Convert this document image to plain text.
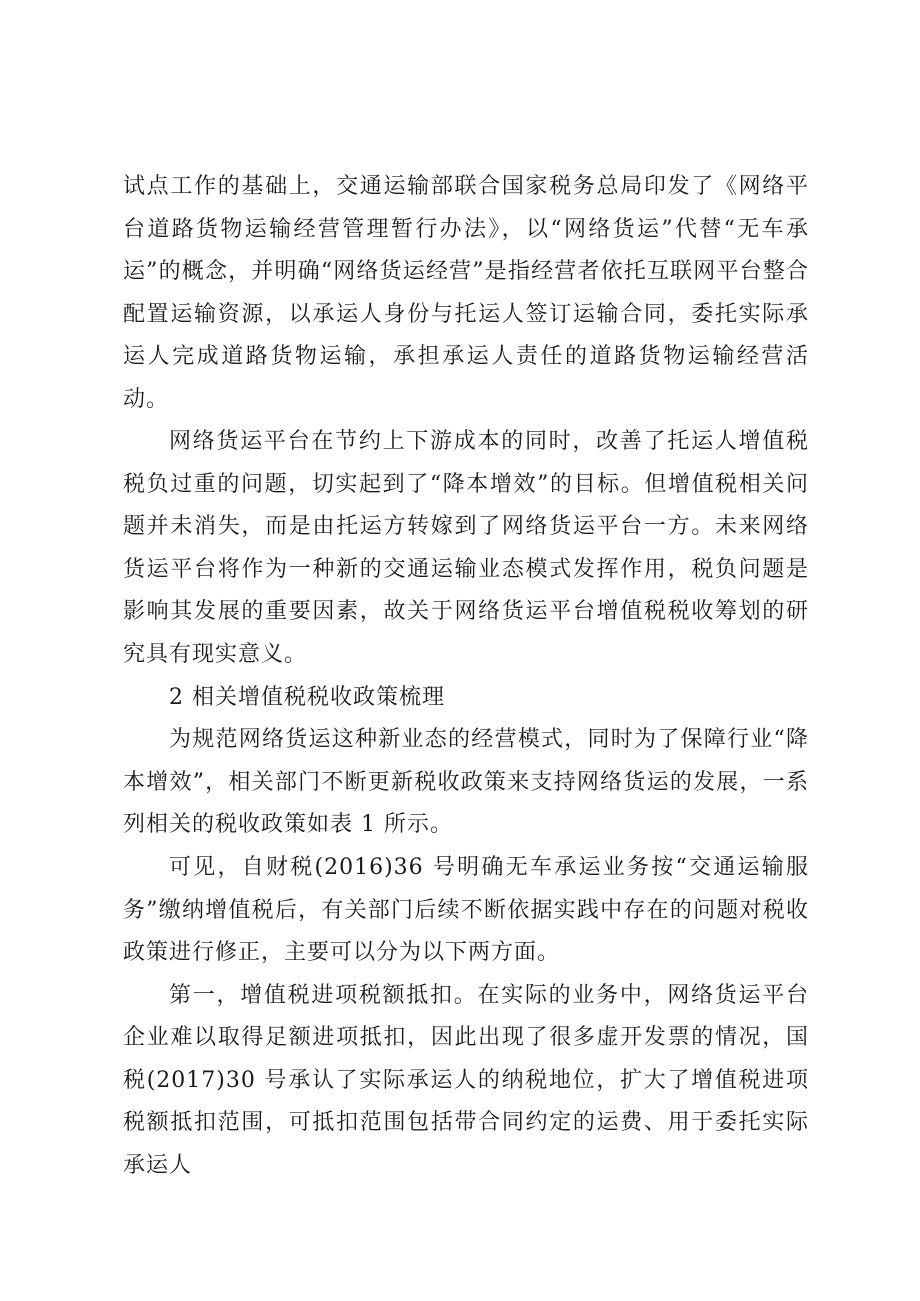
试点工作的基础上，交通运输部联合国家税务总局印发了《网络平台道路货物运输经营管理暂行办法》，以“网络货运”代替“无车承运”的概念，并明确“网络货运经营”是指经营者依托互联网平台整合配置运输资源，以承运人身份与托运人签订运输合同，委托实际承运人完成道路货物运输，承担承运人责任的道路货物运输经营活动。

网络货运平台在节约上下游成本的同时，改善了托运人增值税税负过重的问题，切实起到了“降本增效”的目标。但增值税相关问题并未消失，而是由托运方转嫁到了网络货运平台一方。未来网络货运平台将作为一种新的交通运输业态模式发挥作用，税负问题是影响其发展的重要因素，故关于网络货运平台增值税税收筹划的研究具有现实意义。

2 相关增值税税收政策梳理

为规范网络货运这种新业态的经营模式，同时为了保障行业“降本增效”，相关部门不断更新税收政策来支持网络货运的发展，一系列相关的税收政策如表 1 所示。

可见，自财税(2016)36 号明确无车承运业务按“交通运输服务”缴纳增值税后，有关部门后续不断依据实践中存在的问题对税收政策进行修正，主要可以分为以下两方面。

第一，增值税进项税额抵扣。在实际的业务中，网络货运平台企业难以取得足额进项抵扣，因此出现了很多虚开发票的情况，国税(2017)30 号承认了实际承运人的纳税地位，扩大了增值税进项税额抵扣范围，可抵扣范围包括带合同约定的运费、用于委托实际承运人
